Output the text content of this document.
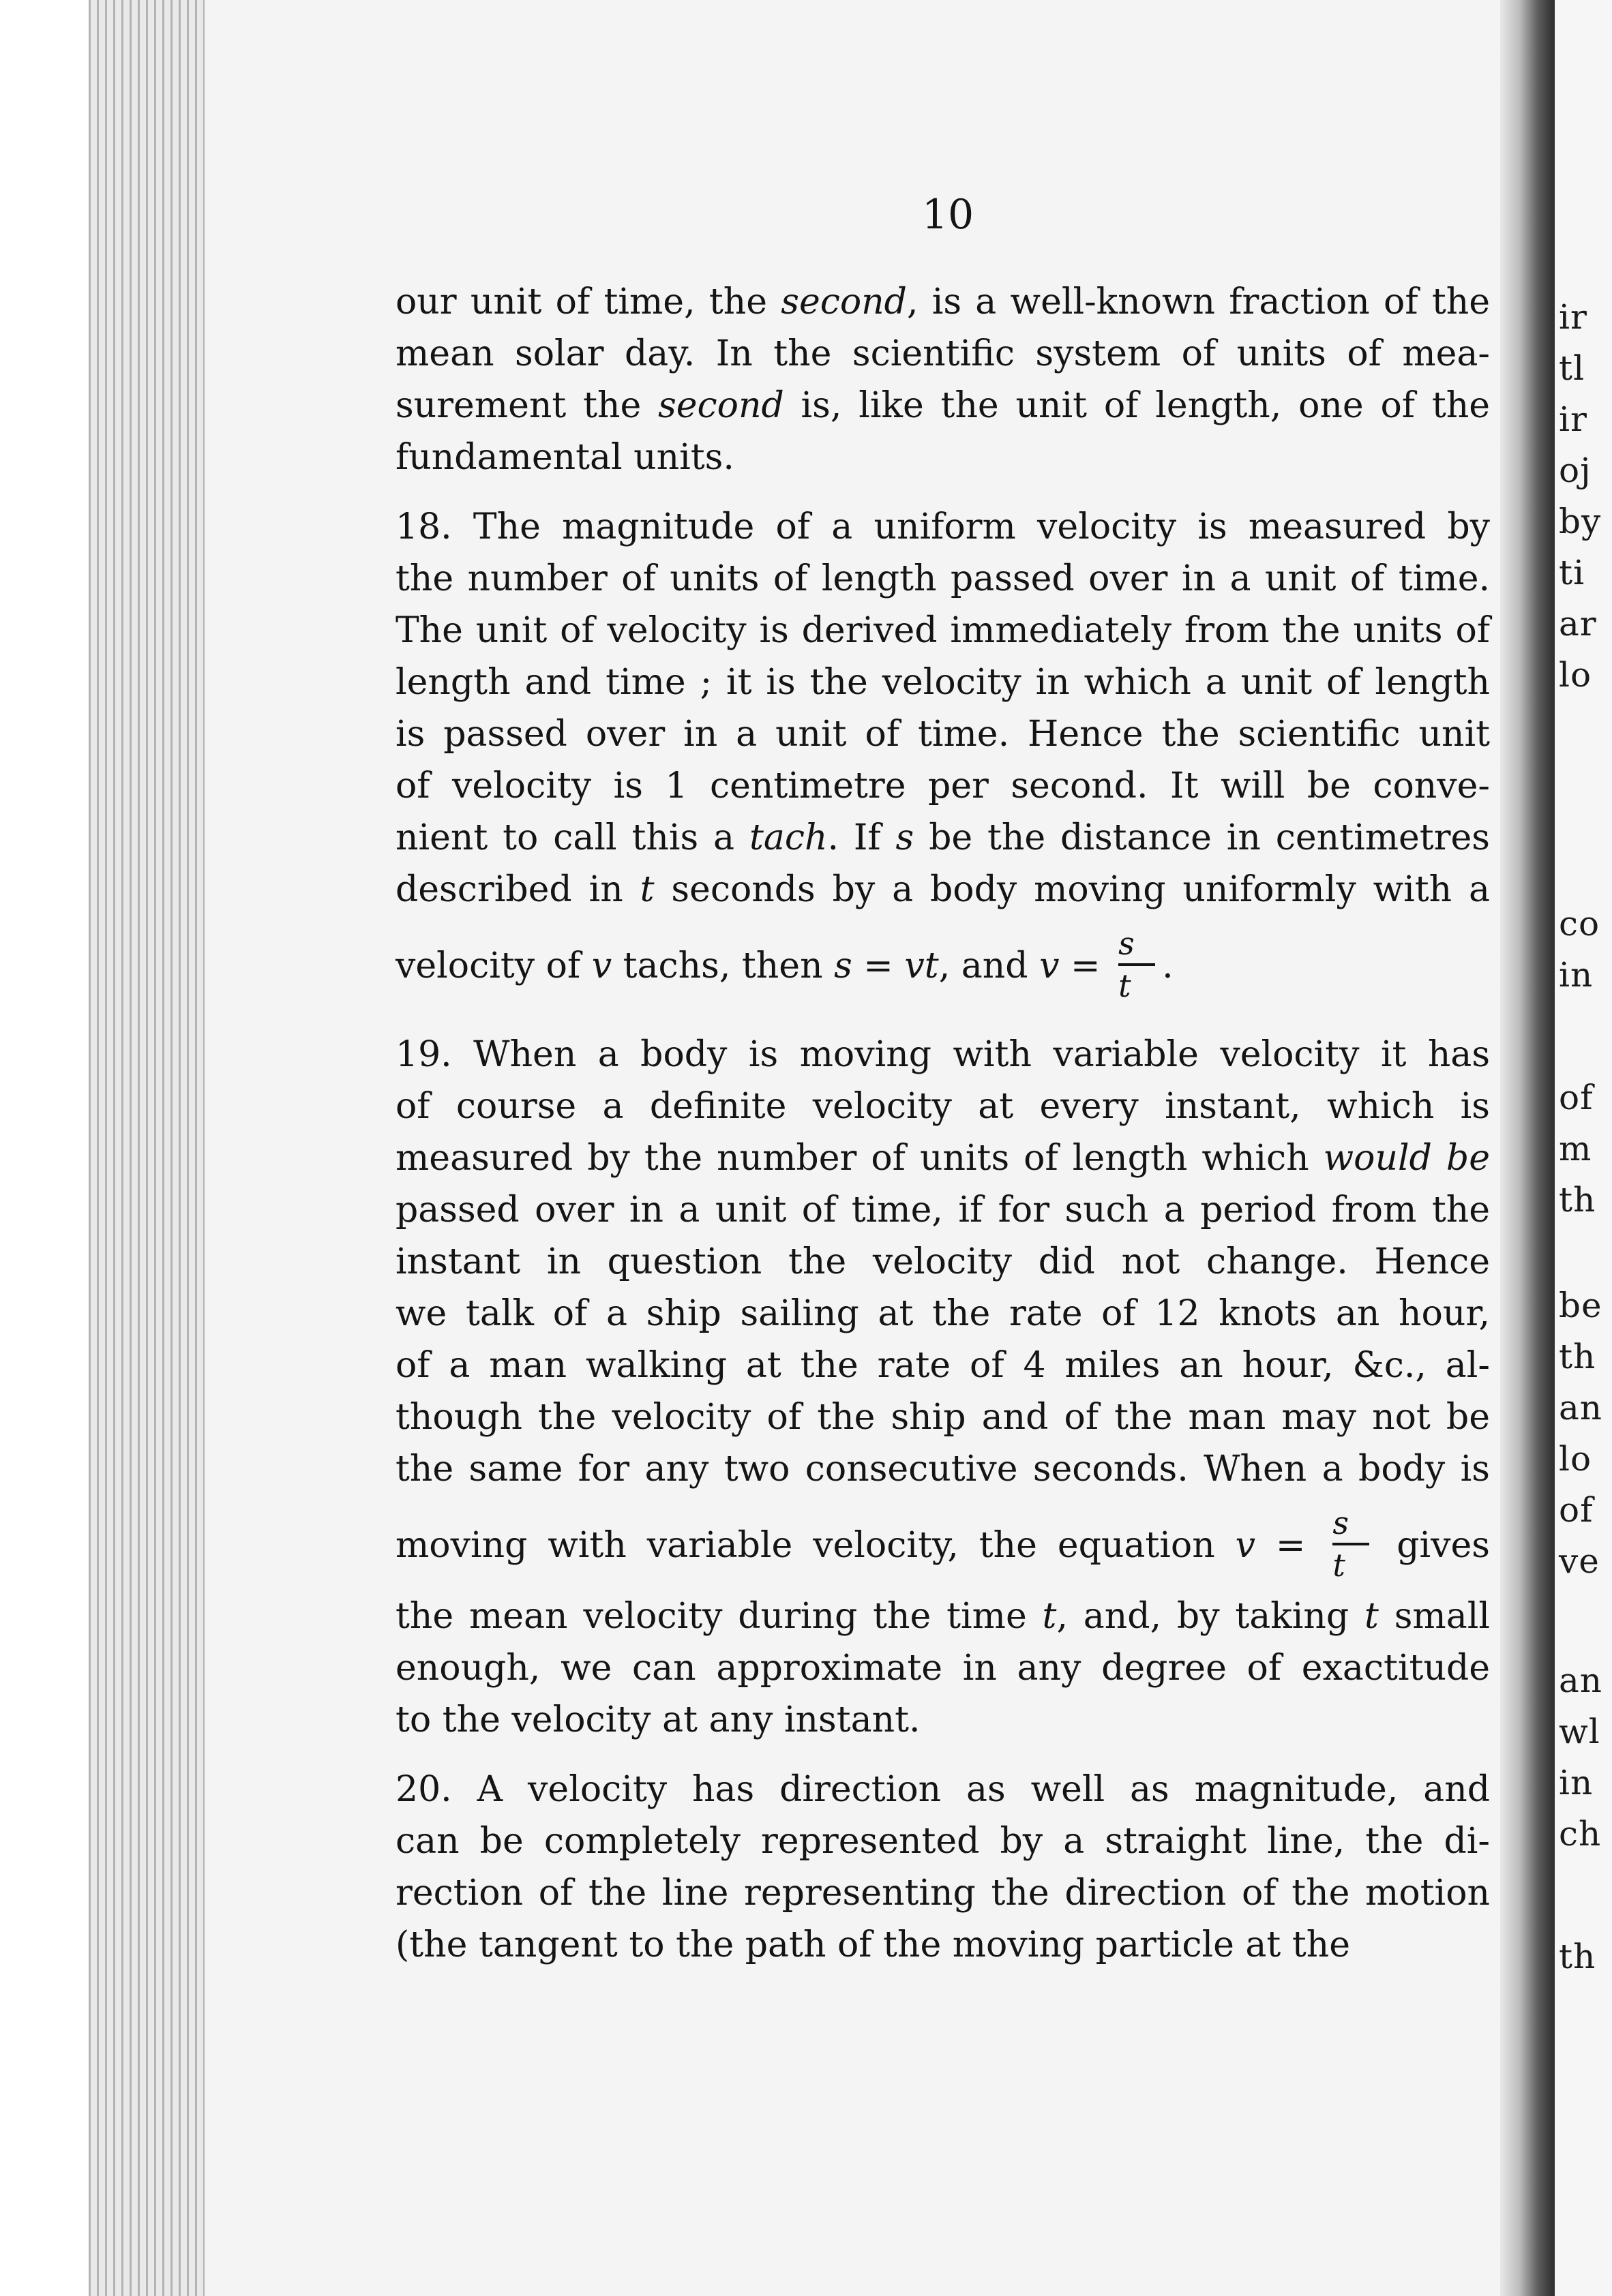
10
our unit of time, the second, is a well-known fraction of the
mean solar day. In the scientific system of units of mea-
surement the second is, like the unit of length, one of the
fundamental units.
18. The magnitude of a uniform velocity is measured by
the number of units of length passed over in a unit of time.
The unit of velocity is derived immediately from the units of
length and time ; it is the velocity in which a unit of length
is passed over in a unit of time. Hence the scientific unit
of velocity is 1 centimetre per second. It will be conve-
nient to call this a tach. If s be the distance in centimetres
described in t seconds by a body moving uniformly with a
velocity of v tachs, then s = vt, and $v = \frac{s}{t}$ .
19. When a body is moving with variable velocity it has
of course a definite velocity at every instant, which is
measured by the number of units of length which would be
passed over in a unit of time, if for such a period from the
instant in question the velocity did not change. Hence
we talk of a ship sailing at the rate of 12 knots an hour,
of a man walking at the rate of 4 miles an hour, &c., al-
though the velocity of the ship and of the man may not be
the same for any two consecutive seconds. When a body is
moving with variable velocity, the equation $v = \frac{s}{t}$ gives
the mean velocity during the time t, and, by taking t small
enough, we can approximate in any degree of exactitude
to the velocity at any instant.
20. A velocity has direction as well as magnitude, and
can be completely represented by a straight line, the di-
rection of the line representing the direction of the motion
(the tangent to the path of the moving particle at the
ir
tl
ir
oj
by
ti
ar
lo
co
in
of
m
th
be
th
an
lo
of
ve
an
wl
in
ch
th
